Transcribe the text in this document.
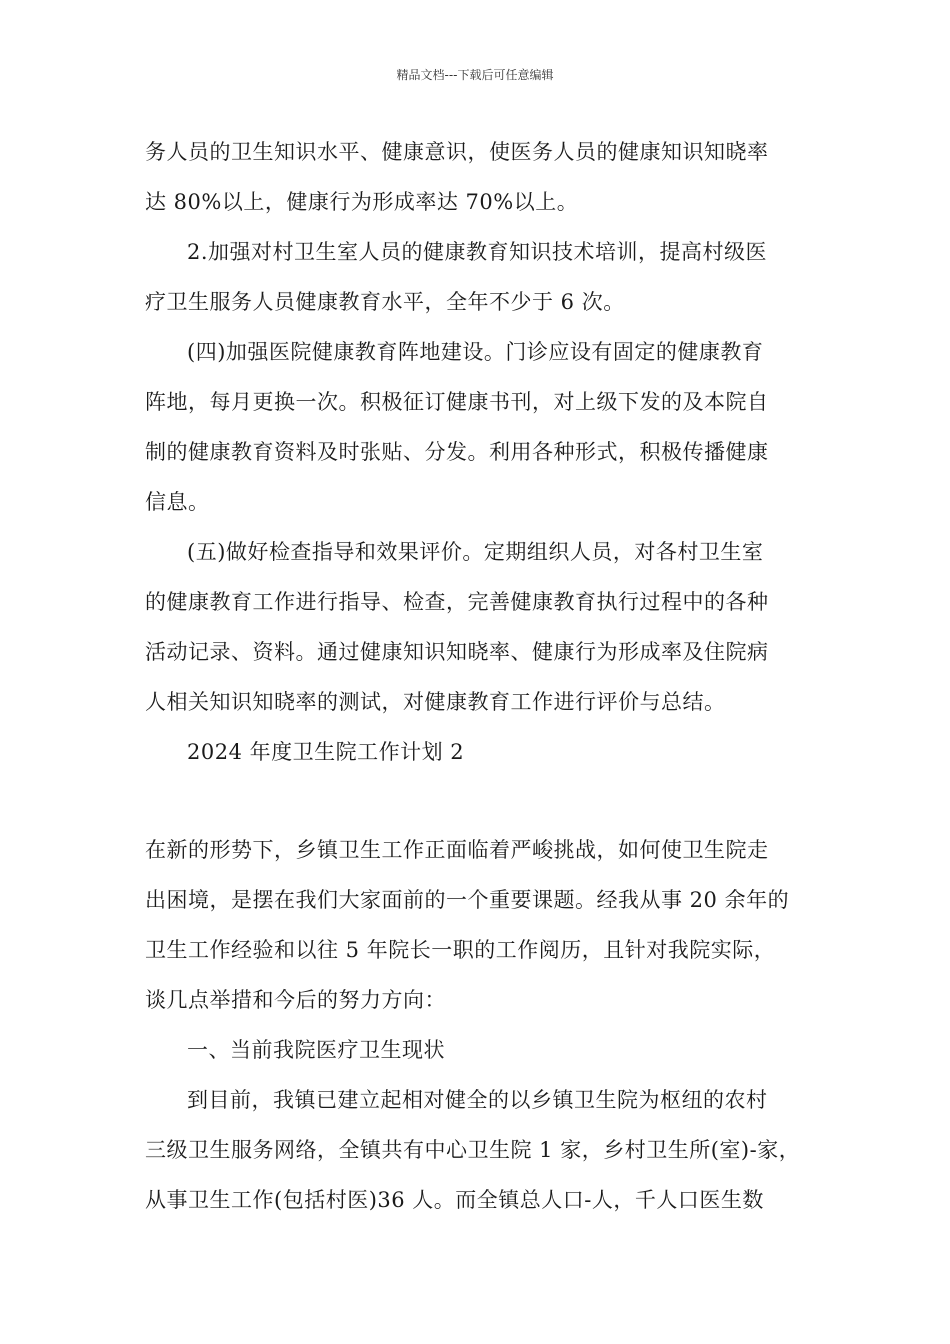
精品文档---下载后可任意编辑
务人员的卫生知识水平、健康意识，使医务人员的健康知识知晓率
达 80%以上，健康行为形成率达 70%以上。
2.加强对村卫生室人员的健康教育知识技术培训，提高村级医
疗卫生服务人员健康教育水平，全年不少于 6 次。
(四)加强医院健康教育阵地建设。门诊应设有固定的健康教育
阵地，每月更换一次。积极征订健康书刊，对上级下发的及本院自
制的健康教育资料及时张贴、分发。利用各种形式，积极传播健康
信息。
(五)做好检查指导和效果评价。定期组织人员，对各村卫生室
的健康教育工作进行指导、检查，完善健康教育执行过程中的各种
活动记录、资料。通过健康知识知晓率、健康行为形成率及住院病
人相关知识知晓率的测试，对健康教育工作进行评价与总结。
2024 年度卫生院工作计划 2
在新的形势下，乡镇卫生工作正面临着严峻挑战，如何使卫生院走
出困境，是摆在我们大家面前的一个重要课题。经我从事 20 余年的
卫生工作经验和以往 5 年院长一职的工作阅历，且针对我院实际，
谈几点举措和今后的努力方向：
一、当前我院医疗卫生现状
到目前，我镇已建立起相对健全的以乡镇卫生院为枢纽的农村
三级卫生服务网络，全镇共有中心卫生院 1 家，乡村卫生所(室)-家，
从事卫生工作(包括村医)36 人。而全镇总人口-人，千人口医生数
